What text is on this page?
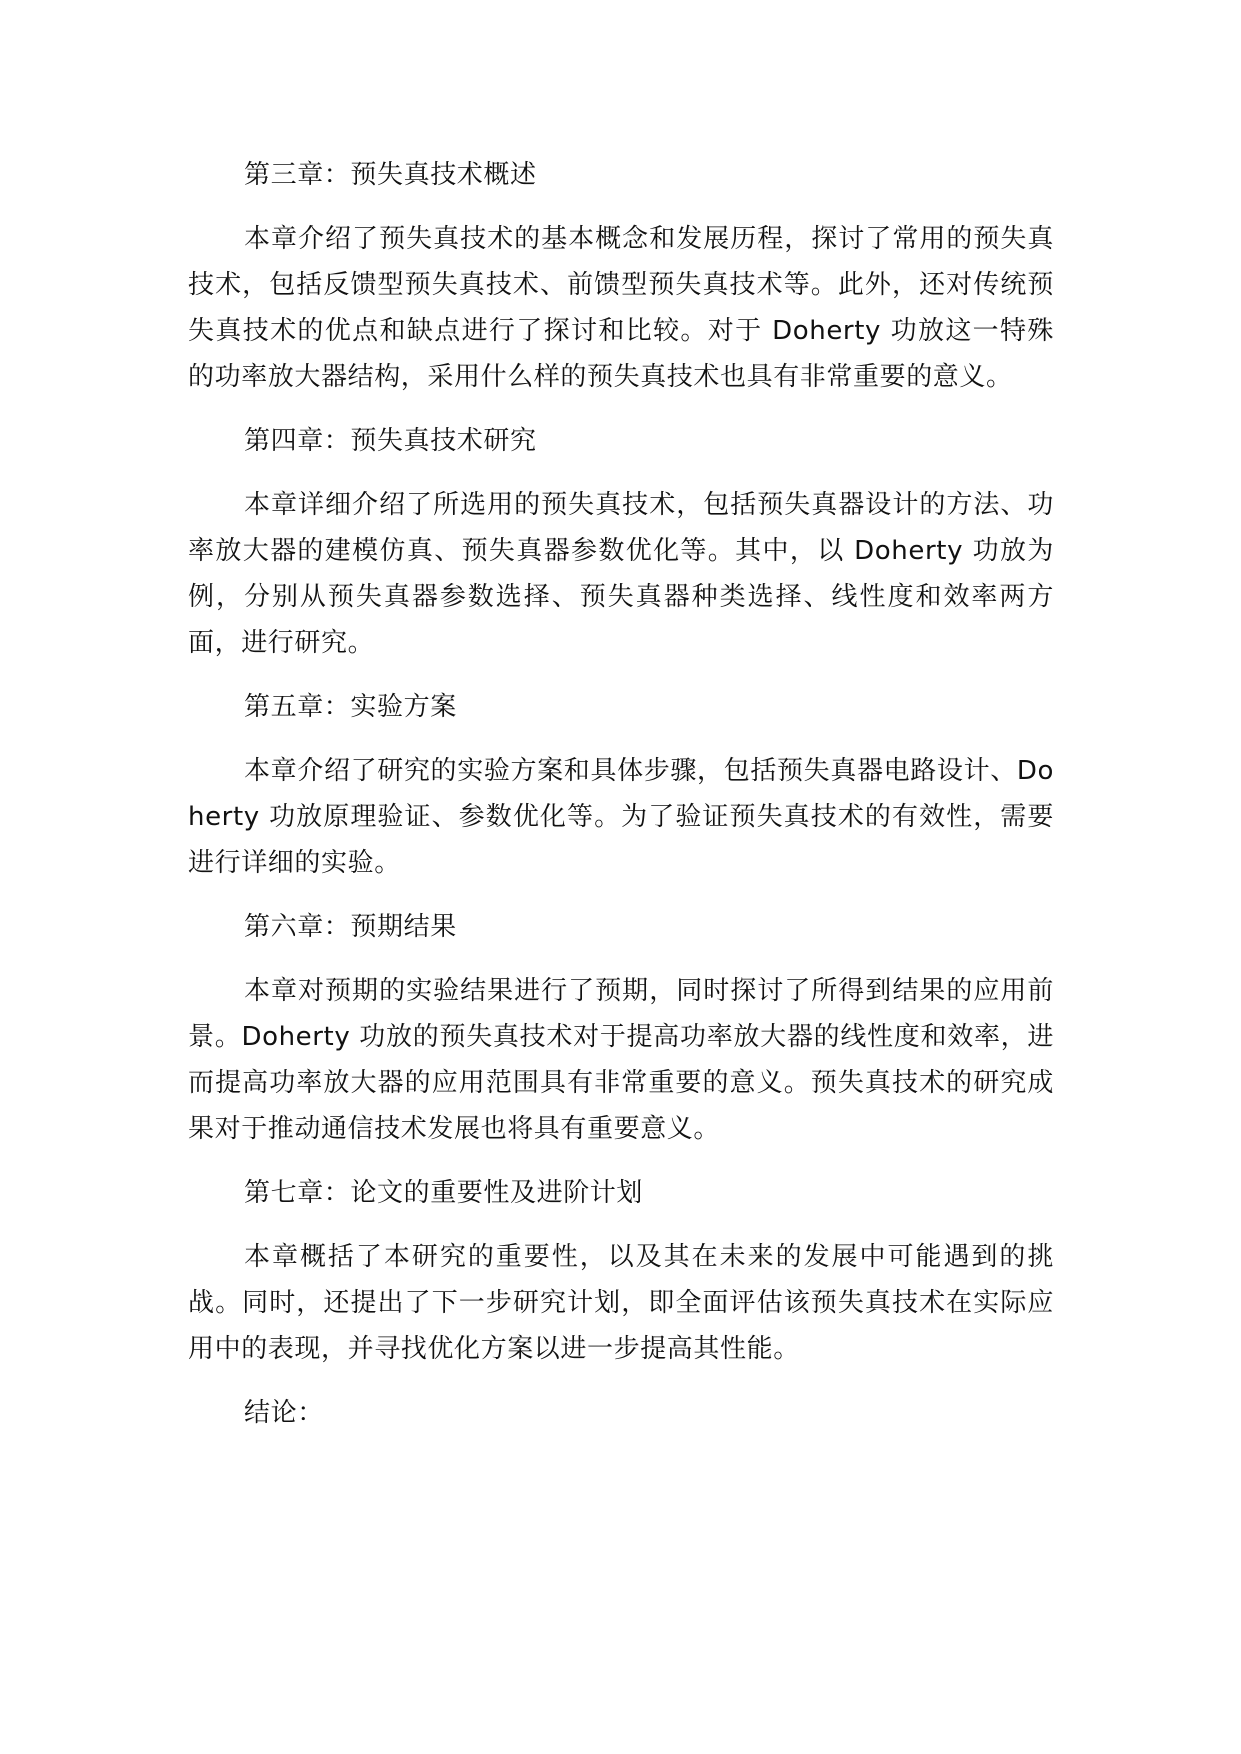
第三章：预失真技术概述

本章介绍了预失真技术的基本概念和发展历程，探讨了常用的预失真技术，包括反馈型预失真技术、前馈型预失真技术等。此外，还对传统预失真技术的优点和缺点进行了探讨和比较。对于 Doherty 功放这一特殊的功率放大器结构，采用什么样的预失真技术也具有非常重要的意义。

第四章：预失真技术研究

本章详细介绍了所选用的预失真技术，包括预失真器设计的方法、功率放大器的建模仿真、预失真器参数优化等。其中，以 Doherty 功放为例，分别从预失真器参数选择、预失真器种类选择、线性度和效率两方面，进行研究。

第五章：实验方案

本章介绍了研究的实验方案和具体步骤，包括预失真器电路设计、Doherty 功放原理验证、参数优化等。为了验证预失真技术的有效性，需要进行详细的实验。

第六章：预期结果

本章对预期的实验结果进行了预期，同时探讨了所得到结果的应用前景。Doherty 功放的预失真技术对于提高功率放大器的线性度和效率，进而提高功率放大器的应用范围具有非常重要的意义。预失真技术的研究成果对于推动通信技术发展也将具有重要意义。

第七章：论文的重要性及进阶计划

本章概括了本研究的重要性，以及其在未来的发展中可能遇到的挑战。同时，还提出了下一步研究计划，即全面评估该预失真技术在实际应用中的表现，并寻找优化方案以进一步提高其性能。

结论：
